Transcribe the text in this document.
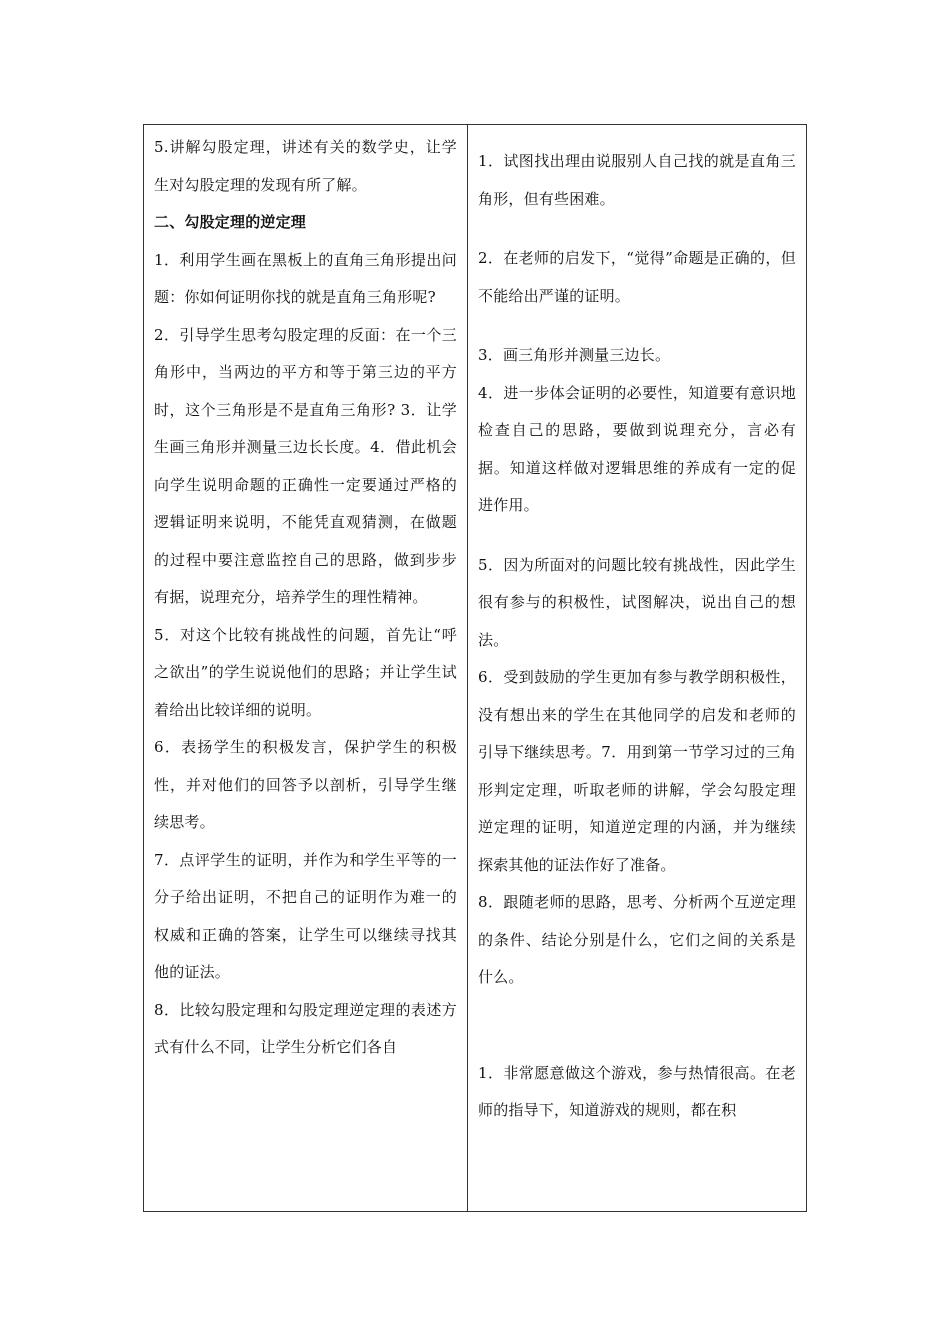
5.讲解勾股定理，讲述有关的数学史，让学生对勾股定理的发现有所了解。

二、勾股定理的逆定理

1．利用学生画在黑板上的直角三角形提出问题：你如何证明你找的就是直角三角形呢?

2．引导学生思考勾股定理的反面：在一个三角形中，当两边的平方和等于第三边的平方时，这个三角形是不是直角三角形? 3．让学生画三角形并测量三边长长度。4．借此机会向学生说明命题的正确性一定要通过严格的逻辑证明来说明，不能凭直观猜测，在做题的过程中要注意监控自己的思路，做到步步有据，说理充分，培养学生的理性精神。

5．对这个比较有挑战性的问题，首先让“呼之欲出”的学生说说他们的思路；并让学生试着给出比较详细的说明。

6．表扬学生的积极发言，保护学生的积极性，并对他们的回答予以剖析，引导学生继续思考。

7．点评学生的证明，并作为和学生平等的一分子给出证明，不把自己的证明作为难一的权威和正确的答案，让学生可以继续寻找其他的证法。

8．比较勾股定理和勾股定理逆定理的表述方式有什么不同，让学生分析它们各自

1．试图找出理由说服别人自己找的就是直角三角形，但有些困难。

2．在老师的启发下，“觉得”命题是正确的，但不能给出严谨的证明。

3．画三角形并测量三边长。

4．进一步体会证明的必要性，知道要有意识地检查自己的思路，要做到说理充分，言必有据。知道这样做对逻辑思维的养成有一定的促进作用。

5．因为所面对的问题比较有挑战性，因此学生很有参与的积极性，试图解决，说出自己的想法。

6．受到鼓励的学生更加有参与教学朗积极性，没有想出来的学生在其他同学的启发和老师的引导下继续思考。7．用到第一节学习过的三角形判定定理，听取老师的讲解，学会勾股定理逆定理的证明，知道逆定理的内涵，并为继续探索其他的证法作好了准备。

8．跟随老师的思路，思考、分析两个互逆定理的条件、结论分别是什么，它们之间的关系是什么。

1．非常愿意做这个游戏，参与热情很高。在老师的指导下，知道游戏的规则，都在积
